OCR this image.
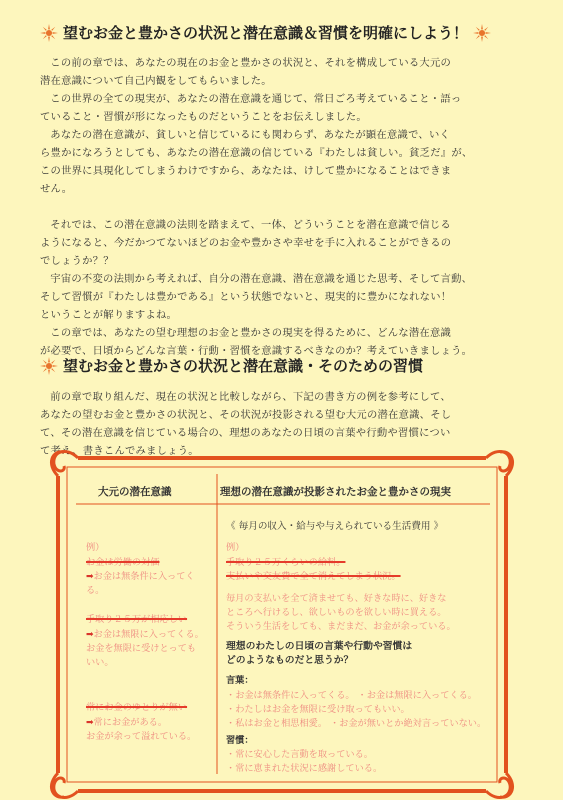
望むお金と豊かさの状況と潜在意識＆習慣を明確にしよう！
この前の章では、あなたの現在のお金と豊かさの状況と、それを構成している大元の
潜在意識について自己内観をしてもらいました。
この世界の全ての現実が、あなたの潜在意識を通じて、常日ごろ考えていること・語っ
ていること・習慣が形になったものだということをお伝えしました。
あなたの潜在意識が、貧しいと信じているにも関わらず、あなたが顕在意識で、いく
ら豊かになろうとしても、あなたの潜在意識の信じている『わたしは貧しい。貧乏だ』が、
この世界に具現化してしまうわけですから、あなたは、けして豊かになることはできま
せん。
それでは、この潜在意識の法則を踏まえて、一体、どういうことを潜在意識で信じる
ようになると、今だかつてないほどのお金や豊かさや幸せを手に入れることができるの
でしょうか？？
宇宙の不変の法則から考えれば、自分の潜在意識、潜在意識を通じた思考、そして言動、
そして習慣が『わたしは豊かである』という状態でないと、現実的に豊かになれない！
ということが解りますよね。
この章では、あなたの望む理想のお金と豊かさの現実を得るために、どんな潜在意識
が必要で、日頃からどんな言葉・行動・習慣を意識するべきなのか？考えていきましょう。
望むお金と豊かさの状況と潜在意識・そのための習慣
前の章で取り組んだ、現在の状況と比較しながら、下記の書き方の例を参考にして、
あなたの望むお金と豊かさの状況と、その状況が投影される望む大元の潜在意識、そし
て、その潜在意識を信じている場合の、理想のあなたの日頃の言葉や行動や習慣につい
て考え、書きこんでみましょう。
大元の潜在意識
例）
お金は労働の対価
➡お金は無条件に入ってくる。
手取り２５万が相応しい
➡お金は無限に入ってくる。
お金を無限に受けとっても
いい。
常にお金のゆとりが無い
➡常にお金がある。
お金が余って溢れている。
理想の潜在意識が投影されたお金と豊かさの現実
《 毎月の収入・給与や与えられている生活費用 》
例）
手取り２５万くらいの給料。
支払いや交友費で全て消えてしまう状況。
毎月の支払いを全て済ませても、好きな時に、好きな
ところへ行けるし、欲しいものを欲しい時に買える。
そういう生活をしても、まだまだ、お金が余っている。
理想のわたしの日頃の言葉や行動や習慣は
どのようなものだと思うか？
言葉：
・お金は無条件に入ってくる。 ・お金は無限に入ってくる。
・わたしはお金を無限に受け取ってもいい。
・私はお金と相思相愛。 ・お金が無いとか絶対言っていない。
習慣：
・常に安心した言動を取っている。
・常に恵まれた状況に感謝している。
